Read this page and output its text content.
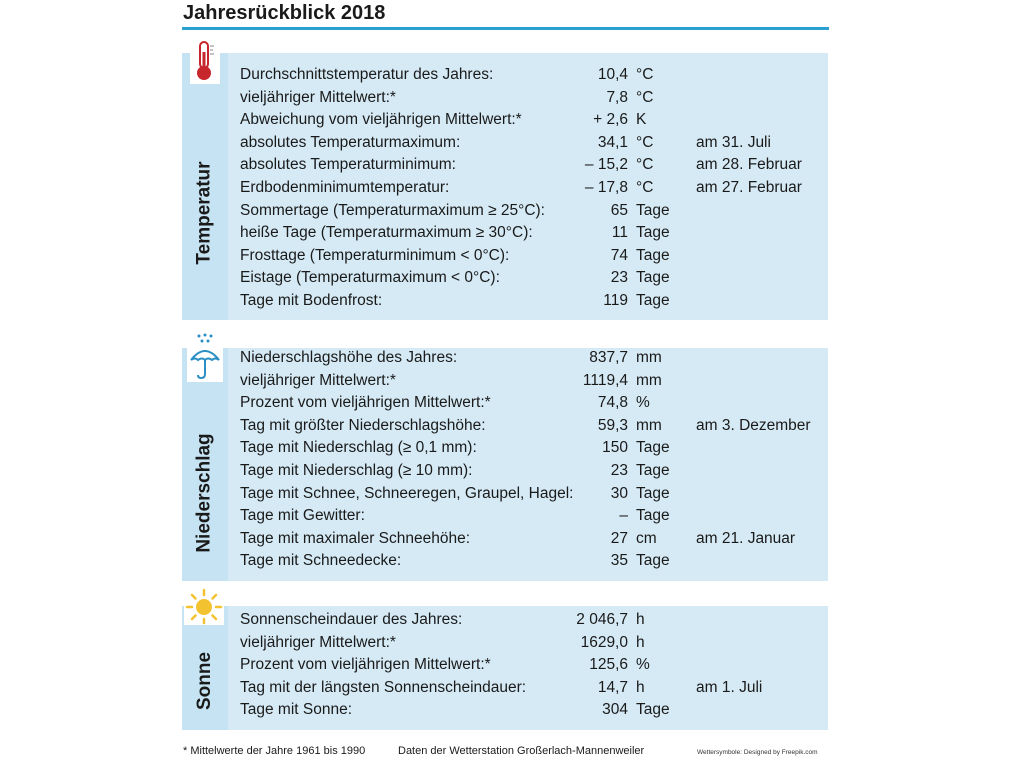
Jahresrückblick 2018
Temperatur
Durchschnittstemperatur des Jahres:	10,4 °C
vieljähriger Mittelwert:*	7,8 °C
Abweichung vom vieljährigen Mittelwert:*	+ 2,6 K
absolutes Temperaturmaximum:	34,1 °C	am 31. Juli
absolutes Temperaturminimum:	– 15,2 °C	am 28. Februar
Erdbodenminimumtemperatur:	– 17,8 °C	am 27. Februar
Sommertage (Temperaturmaximum ≥ 25°C):	65 Tage
heiße Tage (Temperaturmaximum ≥ 30°C):	11 Tage
Frosttage (Temperaturminimum < 0°C):	74 Tage
Eistage (Temperaturmaximum < 0°C):	23 Tage
Tage mit Bodenfrost:	119 Tage
Niederschlag
Niederschlagshöhe des Jahres:	837,7 mm
vieljähriger Mittelwert:*	1119,4 mm
Prozent vom vieljährigen Mittelwert:*	74,8 %
Tag mit größter Niederschlagshöhe:	59,3 mm am 3. Dezember
Tage mit Niederschlag (≥ 0,1 mm):	150 Tage
Tage mit Niederschlag (≥ 10 mm):	23 Tage
Tage mit Schnee, Schneeregen, Graupel, Hagel:	30 Tage
Tage mit Gewitter:	– Tage
Tage mit maximaler Schneehöhe:	27 cm	am 21. Januar
Tage mit Schneedecke:	35 Tage
Sonne
Sonnenscheindauer des Jahres:	2 046,7 h
vieljähriger Mittelwert:*	1629,0 h
Prozent vom vieljährigen Mittelwert:*	125,6 %
Tag mit der längsten Sonnenscheindauer:	14,7 h	am 1. Juli
Tage mit Sonne:	304 Tage
* Mittelwerte der Jahre 1961 bis 1990	Daten der Wetterstation Großerlach-Mannenweiler	Wettersymbole: Designed by Freepik.com
